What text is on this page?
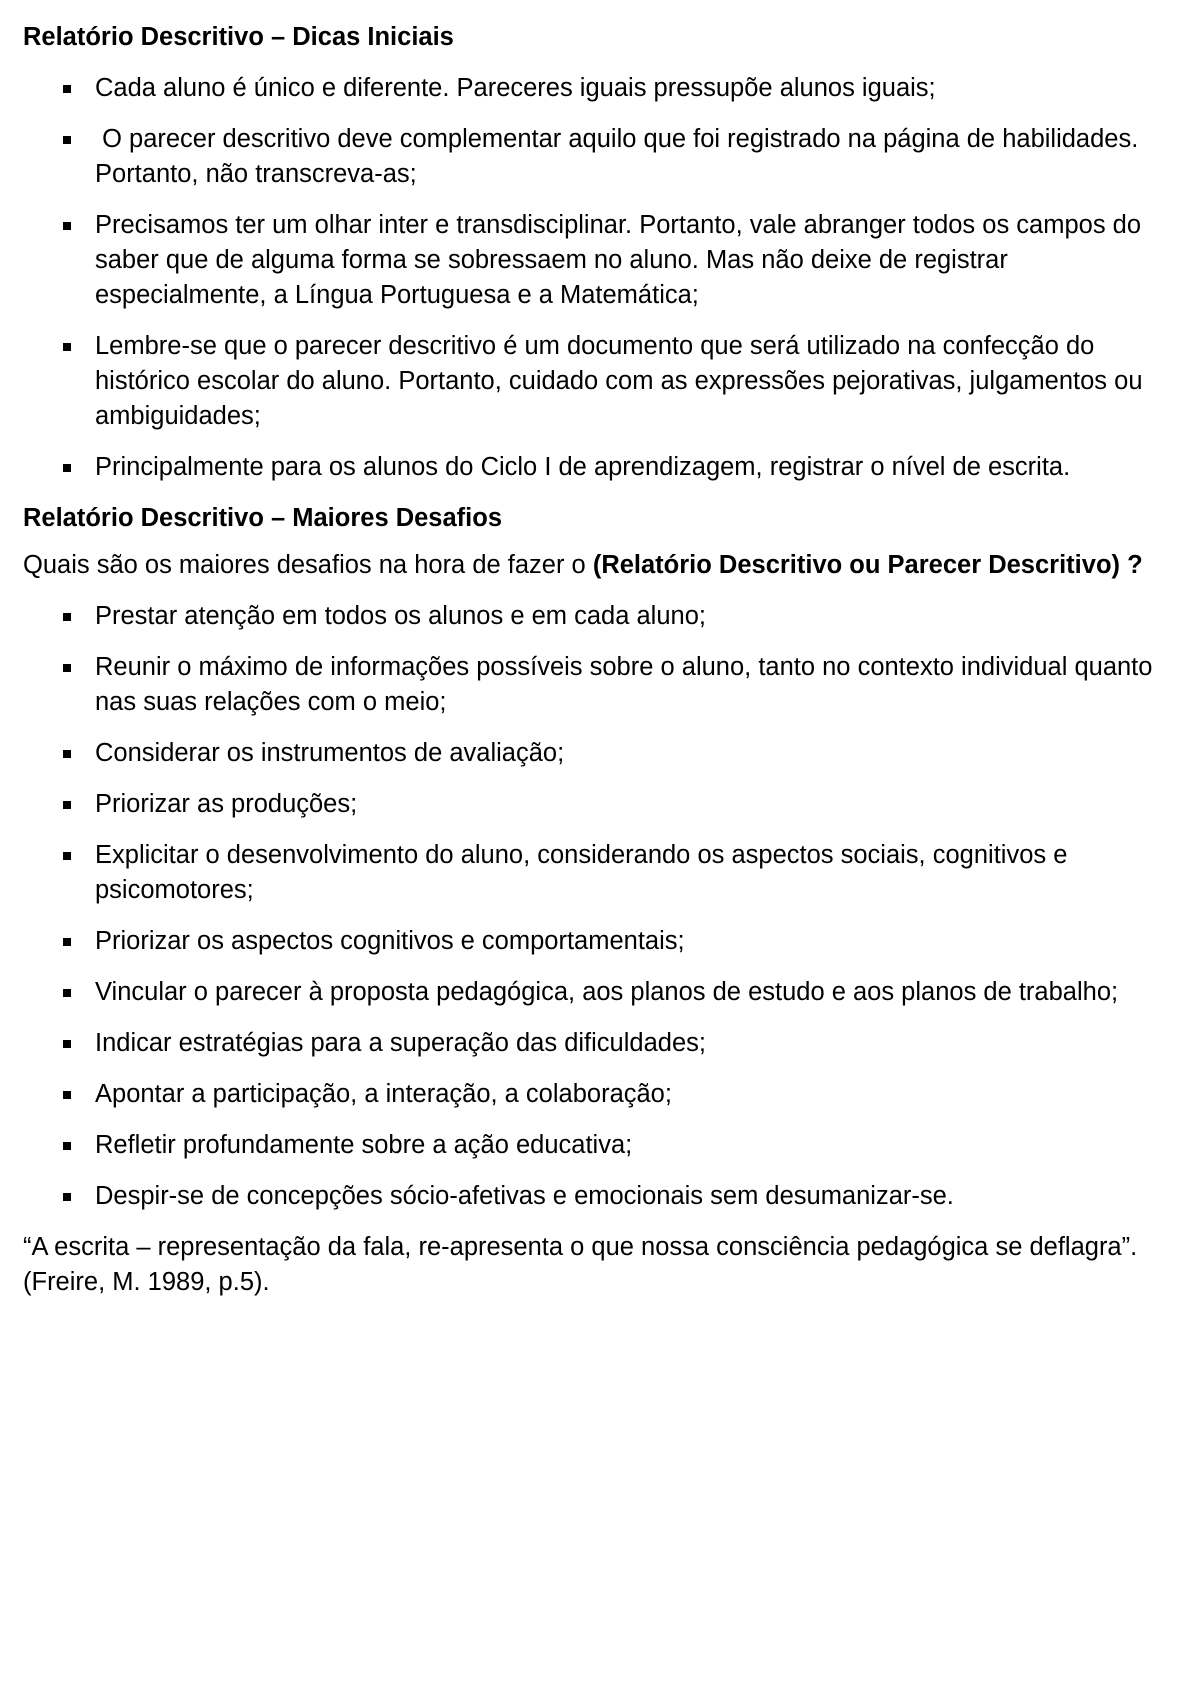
Relatório Descritivo – Dicas Iniciais
Cada aluno é único e diferente. Pareceres iguais pressupõe alunos iguais;
O parecer descritivo deve complementar aquilo que foi registrado na página de habilidades. Portanto, não transcreva-as;
Precisamos ter um olhar inter e transdisciplinar. Portanto, vale abranger todos os campos do saber que de alguma forma se sobressaem no aluno. Mas não deixe de registrar especialmente, a Língua Portuguesa e a Matemática;
Lembre-se que o parecer descritivo é um documento que será utilizado na confecção do histórico escolar do aluno. Portanto, cuidado com as expressões pejorativas, julgamentos ou ambiguidades;
Principalmente para os alunos do Ciclo I de aprendizagem, registrar o nível de escrita.
Relatório Descritivo – Maiores Desafios

Quais são os maiores desafios na hora de fazer o (Relatório Descritivo ou Parecer Descritivo) ?

Prestar atenção em todos os alunos e em cada aluno;
Reunir o máximo de informações possíveis sobre o aluno, tanto no contexto individual quanto nas suas relações com o meio;
Considerar os instrumentos de avaliação;
Priorizar as produções;
Explicitar o desenvolvimento do aluno, considerando os aspectos sociais, cognitivos e psicomotores;
Priorizar os aspectos cognitivos e comportamentais;
Vincular o parecer à proposta pedagógica, aos planos de estudo e aos planos de trabalho;
Indicar estratégias para a superação das dificuldades;
Apontar a participação, a interação, a colaboração;
Refletir profundamente sobre a ação educativa;
Despir-se de concepções sócio-afetivas e emocionais sem desumanizar-se.

“A escrita – representação da fala, re-apresenta o que nossa consciência pedagógica se deflagra”. (Freire, M. 1989, p.5).
